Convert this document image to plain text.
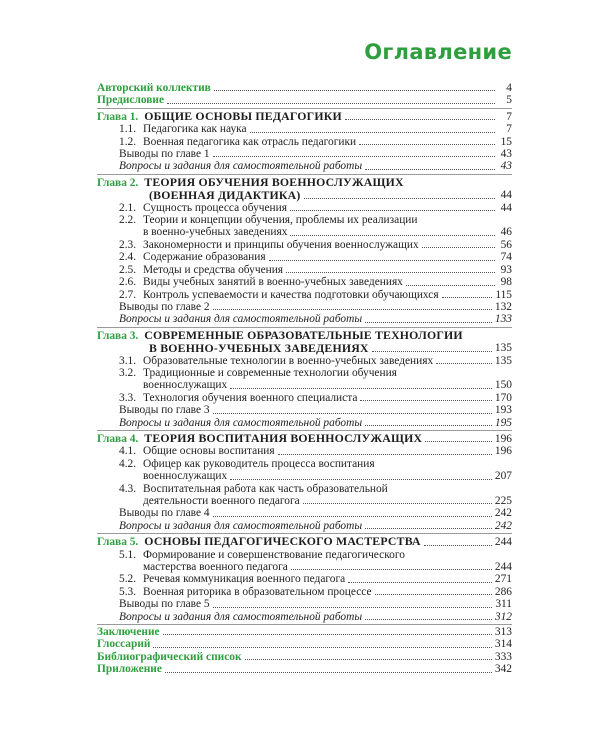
Оглавление
Авторский коллектив	4
Предисловие	5
Глава 1. ОБЩИЕ ОСНОВЫ ПЕДАГОГИКИ	7
1.1. Педагогика как наука	7
1.2. Военная педагогика как отрасль педагогики	15
Выводы по главе 1	43
Вопросы и задания для самостоятельной работы	43
Глава 2. ТЕОРИЯ ОБУЧЕНИЯ ВОЕННОСЛУЖАЩИХ
(ВОЕННАЯ ДИДАКТИКА)	44
2.1. Сущность процесса обучения	44
2.2. Теории и концепции обучения, проблемы их реализации
в военно-учебных заведениях	46
2.3. Закономерности и принципы обучения военнослужащих	56
2.4. Содержание образования	74
2.5. Методы и средства обучения	93
2.6. Виды учебных занятий в военно-учебных заведениях	98
2.7. Контроль успеваемости и качества подготовки обучающихся	115
Выводы по главе 2	132
Вопросы и задания для самостоятельной работы	133
Глава 3. СОВРЕМЕННЫЕ ОБРАЗОВАТЕЛЬНЫЕ ТЕХНОЛОГИИ
В ВОЕННО-УЧЕБНЫХ ЗАВЕДЕНИЯХ	135
3.1. Образовательные технологии в военно-учебных заведениях	135
3.2. Традиционные и современные технологии обучения
военнослужащих	150
3.3. Технология обучения военного специалиста	170
Выводы по главе 3	193
Вопросы и задания для самостоятельной работы	195
Глава 4. ТЕОРИЯ ВОСПИТАНИЯ ВОЕННОСЛУЖАЩИХ	196
4.1. Общие основы воспитания	196
4.2. Офицер как руководитель процесса воспитания
военнослужащих	207
4.3. Воспитательная работа как часть образовательной
деятельности военного педагога	225
Выводы по главе 4	242
Вопросы и задания для самостоятельной работы	242
Глава 5. ОСНОВЫ ПЕДАГОГИЧЕСКОГО МАСТЕРСТВА	244
5.1. Формирование и совершенствование педагогического
мастерства военного педагога	244
5.2. Речевая коммуникация военного педагога	271
5.3. Военная риторика в образовательном процессе	286
Выводы по главе 5	311
Вопросы и задания для самостоятельной работы	312
Заключение	313
Глоссарий	314
Библиографический список	333
Приложение	342
